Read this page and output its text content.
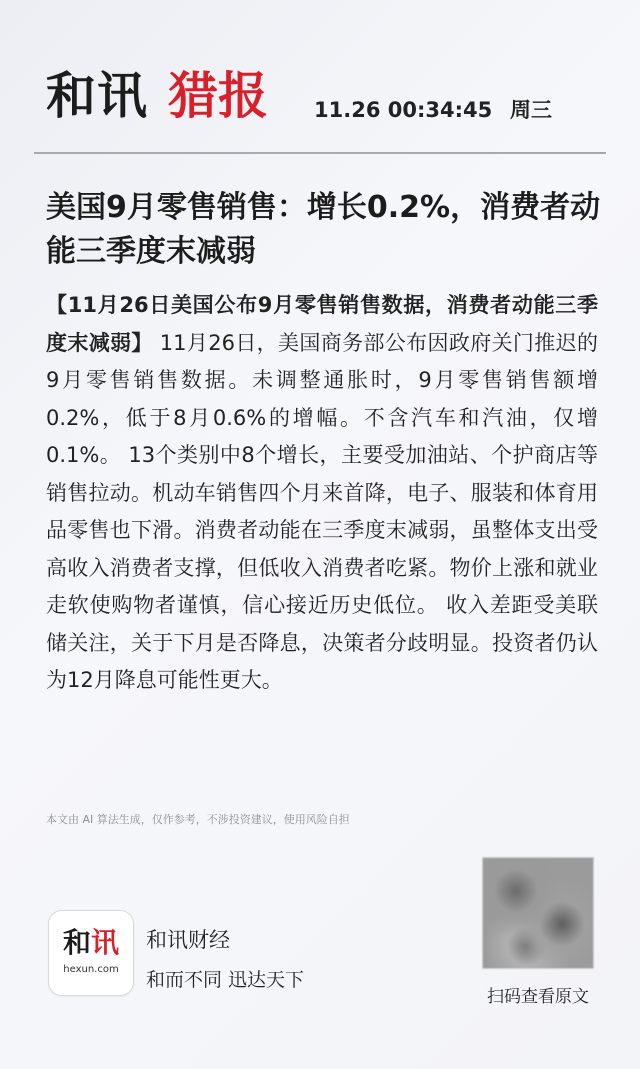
和讯 猎报 11.26 00:34:45 周三
美国9月零售销售：增长0.2%，消费者动能三季度末减弱

【11月26日美国公布9月零售销售数据，消费者动能三季度末减弱】 11月26日，美国商务部公布因政府关门推迟的9月零售销售数据。未调整通胀时，9月零售销售额增0.2%，低于8月0.6%的增幅。不含汽车和汽油，仅增0.1%。 13个类别中8个增长，主要受加油站、个护商店等销售拉动。机动车销售四个月来首降，电子、服装和体育用品零售也下滑。消费者动能在三季度末减弱，虽整体支出受高收入消费者支撑，但低收入消费者吃紧。物价上涨和就业走软使购物者谨慎，信心接近历史低位。 收入差距受美联储关注，关于下月是否降息，决策者分歧明显。投资者仍认为12月降息可能性更大。

本文由 AI 算法生成，仅作参考，不涉投资建议，使用风险自担
和讯
hexun.com
和讯财经
和而不同 迅达天下
扫码查看原文
